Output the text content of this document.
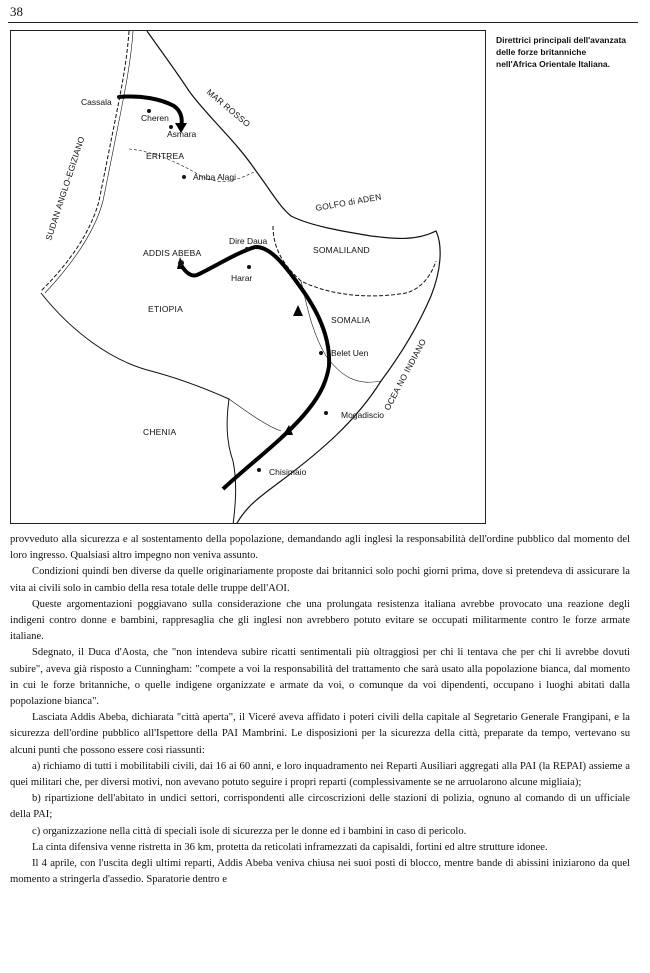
38
Cassala
Cheren
Asmara
ERITREA
Amba Alagi
ADDIS ABEBA
Dire Daua
Harar
ETIOPIA
SOMALILAND
SOMALIA
Belet Uen
Mogadiscio
Chisimaio
CHENIA
MAR ROSSO
GOLFO di ADEN
OCEA NO INDIANO
SUDAN ANGLO-EGIZIANO
Direttrici principali dell'avanzata
delle forze britanniche
nell'Africa Orientale Italiana.

provveduto alla sicurezza e al sostentamento della popolazione, demandando agli inglesi la responsabilità dell'ordine pubblico dal momento del loro ingresso. Qualsiasi altro impegno non veniva assunto.

Condizioni quindi ben diverse da quelle originariamente proposte dai britannici solo pochi giorni prima, dove si pretendeva di assicurare la vita ai civili solo in cambio della resa totale delle truppe dell'AOI.

Queste argomentazioni poggiavano sulla considerazione che una prolungata resistenza italiana avrebbe provocato una reazione degli indigeni contro donne e bambini, rappresaglia che gli inglesi non avrebbero potuto evitare se occupati militarmente contro le forze armate italiane.

Sdegnato, il Duca d'Aosta, che "non intendeva subire ricatti sentimentali più oltraggiosi per chi li tentava che per chi li avrebbe dovuti subire", aveva già risposto a Cunningham: "compete a voi la responsabilità del trattamento che sarà usato alla popolazione bianca, dal momento in cui le forze britanniche, o quelle indigene organizzate e armate da voi, o comunque da voi dipendenti, occupano i luoghi abitati dalla popolazione bianca".

Lasciata Addis Abeba, dichiarata "città aperta", il Viceré aveva affidato i poteri civili della capitale al Segretario Generale Frangipani, e la sicurezza dell'ordine pubblico all'Ispettore della PAI Mambrini. Le disposizioni per la sicurezza della città, preparate da tempo, vertevano su alcuni punti che possono essere così riassunti:

a) richiamo di tutti i mobilitabili civili, dai 16 ai 60 anni, e loro inquadramento nei Reparti Ausiliari aggregati alla PAI (la REPAI) assieme a quei militari che, per diversi motivi, non avevano potuto seguire i propri reparti (complessivamente se ne arruolarono alcune migliaia);

b) ripartizione dell'abitato in undici settori, corrispondenti alle circoscrizioni delle stazioni di polizia, ognuno al comando di un ufficiale della PAI;

c) organizzazione nella città di speciali isole di sicurezza per le donne ed i bambini in caso di pericolo.

La cinta difensiva venne ristretta in 36 km, protetta da reticolati inframezzati da capisaldi, fortini ed altre strutture idonee.

Il 4 aprile, con l'uscita degli ultimi reparti, Addis Abeba veniva chiusa nei suoi posti di blocco, mentre bande di abissini iniziarono da quel momento a stringerla d'assedio. Sparatorie dentro e
